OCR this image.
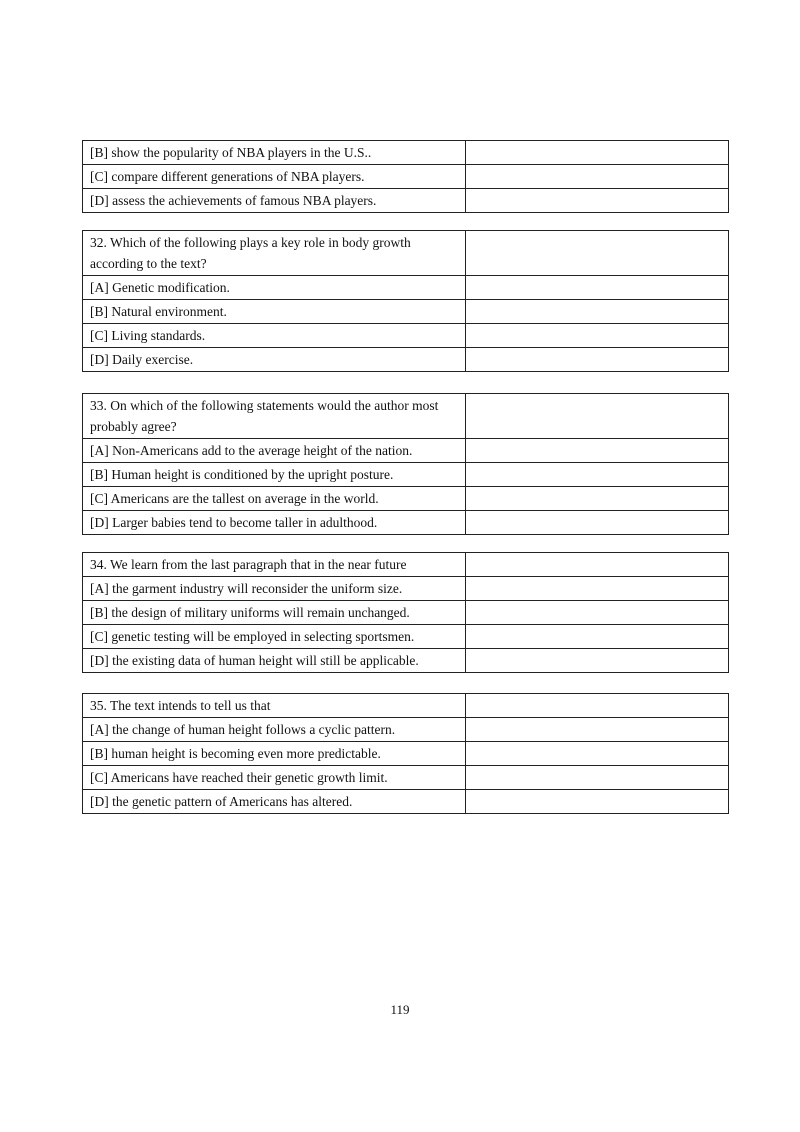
[B] show the popularity of NBA players in the U.S..	
[C] compare different generations of NBA players.	
[D] assess the achievements of famous NBA players.	
32. Which of the following plays a key role in body growth according to the text?	
[A] Genetic modification.	
[B] Natural environment.	
[C] Living standards.	
[D] Daily exercise.	
33. On which of the following statements would the author most probably agree?	
[A] Non-Americans add to the average height of the nation.	
[B] Human height is conditioned by the upright posture.	
[C] Americans are the tallest on average in the world.	
[D] Larger babies tend to become taller in adulthood.	
34. We learn from the last paragraph that in the near future	
[A] the garment industry will reconsider the uniform size.	
[B] the design of military uniforms will remain unchanged.	
[C] genetic testing will be employed in selecting sportsmen.	
[D] the existing data of human height will still be applicable.	
35. The text intends to tell us that	
[A] the change of human height follows a cyclic pattern.	
[B] human height is becoming even more predictable.	
[C] Americans have reached their genetic growth limit.	
[D] the genetic pattern of Americans has altered.	
119
